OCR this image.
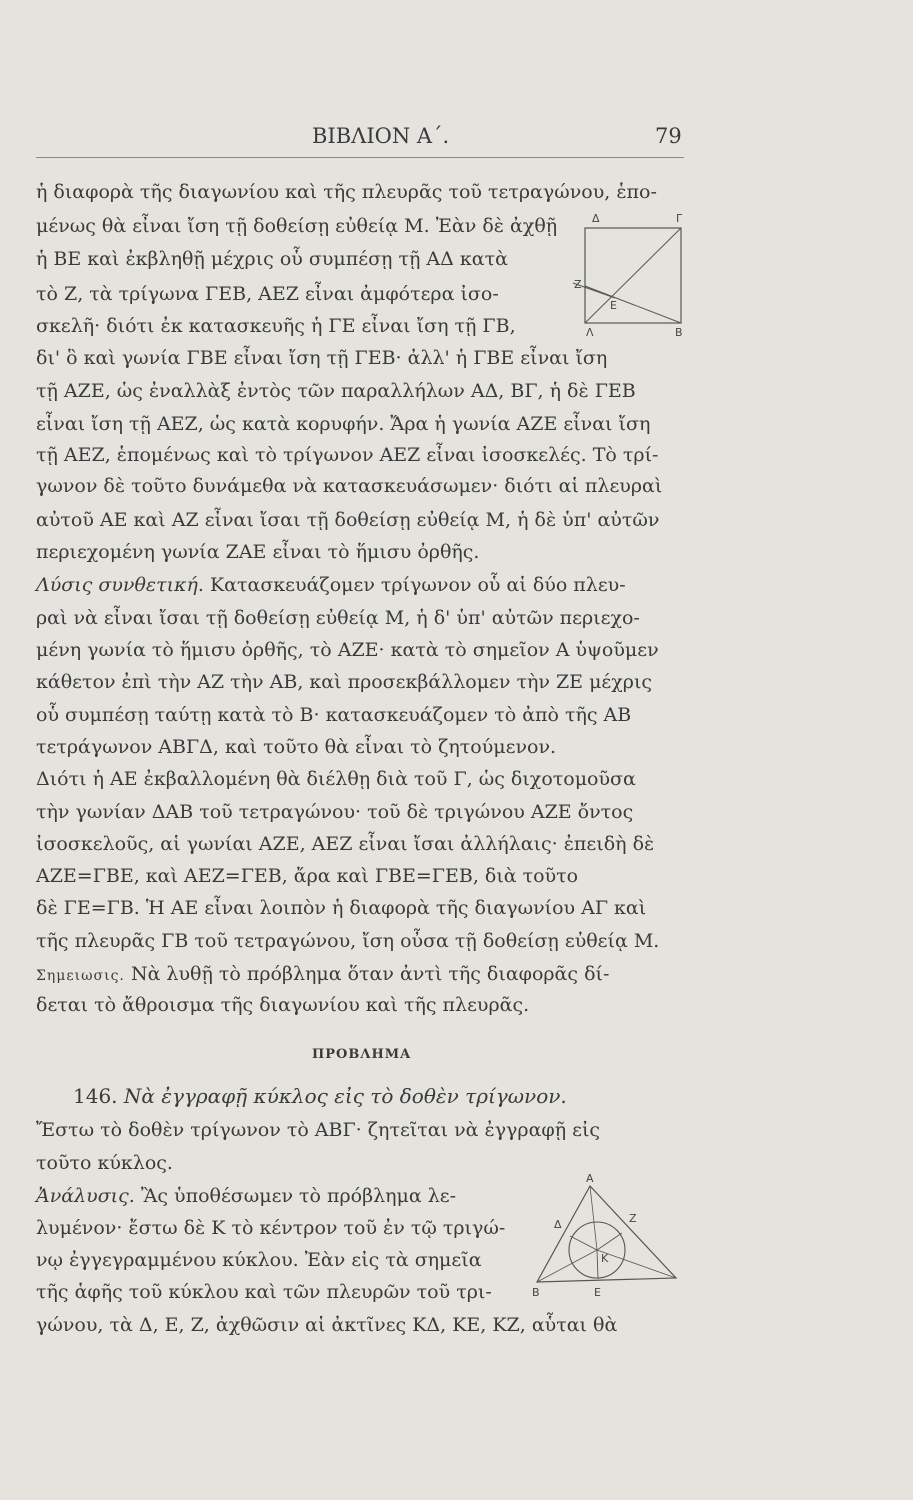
ΒΙΒΛΙΟΝ Α΄.	79
ἡ διαφορὰ τῆς διαγωνίου καὶ τῆς πλευρᾶς τοῦ τετραγώνου, ἑπο-
μένως θὰ εἶναι ἴση τῇ δοθείσῃ εὐθείᾳ Μ. Ἐὰν δὲ ἀχθῇ
ἡ ΒΕ καὶ ἐκβληθῇ μέχρις οὗ συμπέσῃ τῇ ΑΔ κατὰ
τὸ Ζ, τὰ τρίγωνα ΓΕΒ, ΑΕΖ εἶναι ἀμφότερα ἰσο-
σκελῆ· διότι ἐκ κατασκευῆς ἡ ΓΕ εἶναι ἴση τῇ ΓΒ,
δι' ὃ καὶ γωνία ΓΒΕ εἶναι ἴση τῇ ΓΕΒ· ἀλλ' ἡ ΓΒΕ εἶναι ἴση
τῇ ΑΖΕ, ὡς ἐναλλὰξ ἐντὸς τῶν παραλλήλων ΑΔ, ΒΓ, ἡ δὲ ΓΕΒ
εἶναι ἴση τῇ ΑΕΖ, ὡς κατὰ κορυφήν. Ἄρα ἡ γωνία ΑΖΕ εἶναι ἴση
τῇ ΑΕΖ, ἑπομένως καὶ τὸ τρίγωνον ΑΕΖ εἶναι ἰσοσκελές. Τὸ τρί-
γωνον δὲ τοῦτο δυνάμεθα νὰ κατασκευάσωμεν· διότι αἱ πλευραὶ
αὐτοῦ ΑΕ καὶ ΑΖ εἶναι ἴσαι τῇ δοθείσῃ εὐθείᾳ Μ, ἡ δὲ ὑπ' αὐτῶν
περιεχομένη γωνία ΖΑΕ εἶναι τὸ ἥμισυ ὀρθῆς.
Δ	Γ
Ζ
Ε
Λ	Β
Λύσις συνθετική. Κατασκευάζομεν τρίγωνον οὗ αἱ δύο πλευ-
ραὶ νὰ εἶναι ἴσαι τῇ δοθείσῃ εὐθείᾳ Μ, ἡ δ' ὑπ' αὐτῶν περιεχο-
μένη γωνία τὸ ἥμισυ ὀρθῆς, τὸ ΑΖΕ· κατὰ τὸ σημεῖον Α ὑψοῦμεν
κάθετον ἐπὶ τὴν ΑΖ τὴν ΑΒ, καὶ προσεκβάλλομεν τὴν ΖΕ μέχρις
οὗ συμπέσῃ ταύτῃ κατὰ τὸ Β· κατασκευάζομεν τὸ ἀπὸ τῆς ΑΒ
τετράγωνον ΑΒΓΔ, καὶ τοῦτο θὰ εἶναι τὸ ζητούμενον.
Διότι ἡ ΑΕ ἐκβαλλομένη θὰ διέλθῃ διὰ τοῦ Γ, ὡς διχοτομοῦσα
τὴν γωνίαν ΔΑΒ τοῦ τετραγώνου· τοῦ δὲ τριγώνου ΑΖΕ ὄντος
ἰσοσκελοῦς, αἱ γωνίαι ΑΖΕ, ΑΕΖ εἶναι ἴσαι ἀλλήλαις· ἐπειδὴ δὲ
ΑΖΕ=ΓΒΕ, καὶ ΑΕΖ=ΓΕΒ, ἄρα καὶ ΓΒΕ=ΓΕΒ, διὰ τοῦτο
δὲ ΓΕ=ΓΒ. Ἡ ΑΕ εἶναι λοιπὸν ἡ διαφορὰ τῆς διαγωνίου ΑΓ καὶ
τῆς πλευρᾶς ΓΒ τοῦ τετραγώνου, ἴση οὖσα τῇ δοθείσῃ εὐθείᾳ Μ.
Σημειωσις. Νὰ λυθῇ τὸ πρόβλημα ὅταν ἀντὶ τῆς διαφορᾶς δί-
δεται τὸ ἄθροισμα τῆς διαγωνίου καὶ τῆς πλευρᾶς.
ΠΡΟΒΛΗΜΑ
146. Νὰ ἐγγραφῇ κύκλος εἰς τὸ δοθὲν τρίγωνον.
Ἔστω τὸ δοθὲν τρίγωνον τὸ ΑΒΓ· ζητεῖται νὰ ἐγγραφῇ εἰς
τοῦτο κύκλος.
Ἀνάλυσις. Ἂς ὑποθέσωμεν τὸ πρόβλημα λε-
λυμένον· ἔστω δὲ Κ τὸ κέντρον τοῦ ἐν τῷ τριγώ-
νῳ ἐγγεγραμμένου κύκλου. Ἐὰν εἰς τὰ σημεῖα
τῆς ἁφῆς τοῦ κύκλου καὶ τῶν πλευρῶν τοῦ τρι-
γώνου, τὰ Δ, Ε, Ζ, ἀχθῶσιν αἱ ἀκτῖνες ΚΔ, ΚΕ, ΚΖ, αὗται θὰ
Α
Δ	Ζ
Κ
Β	Ε
